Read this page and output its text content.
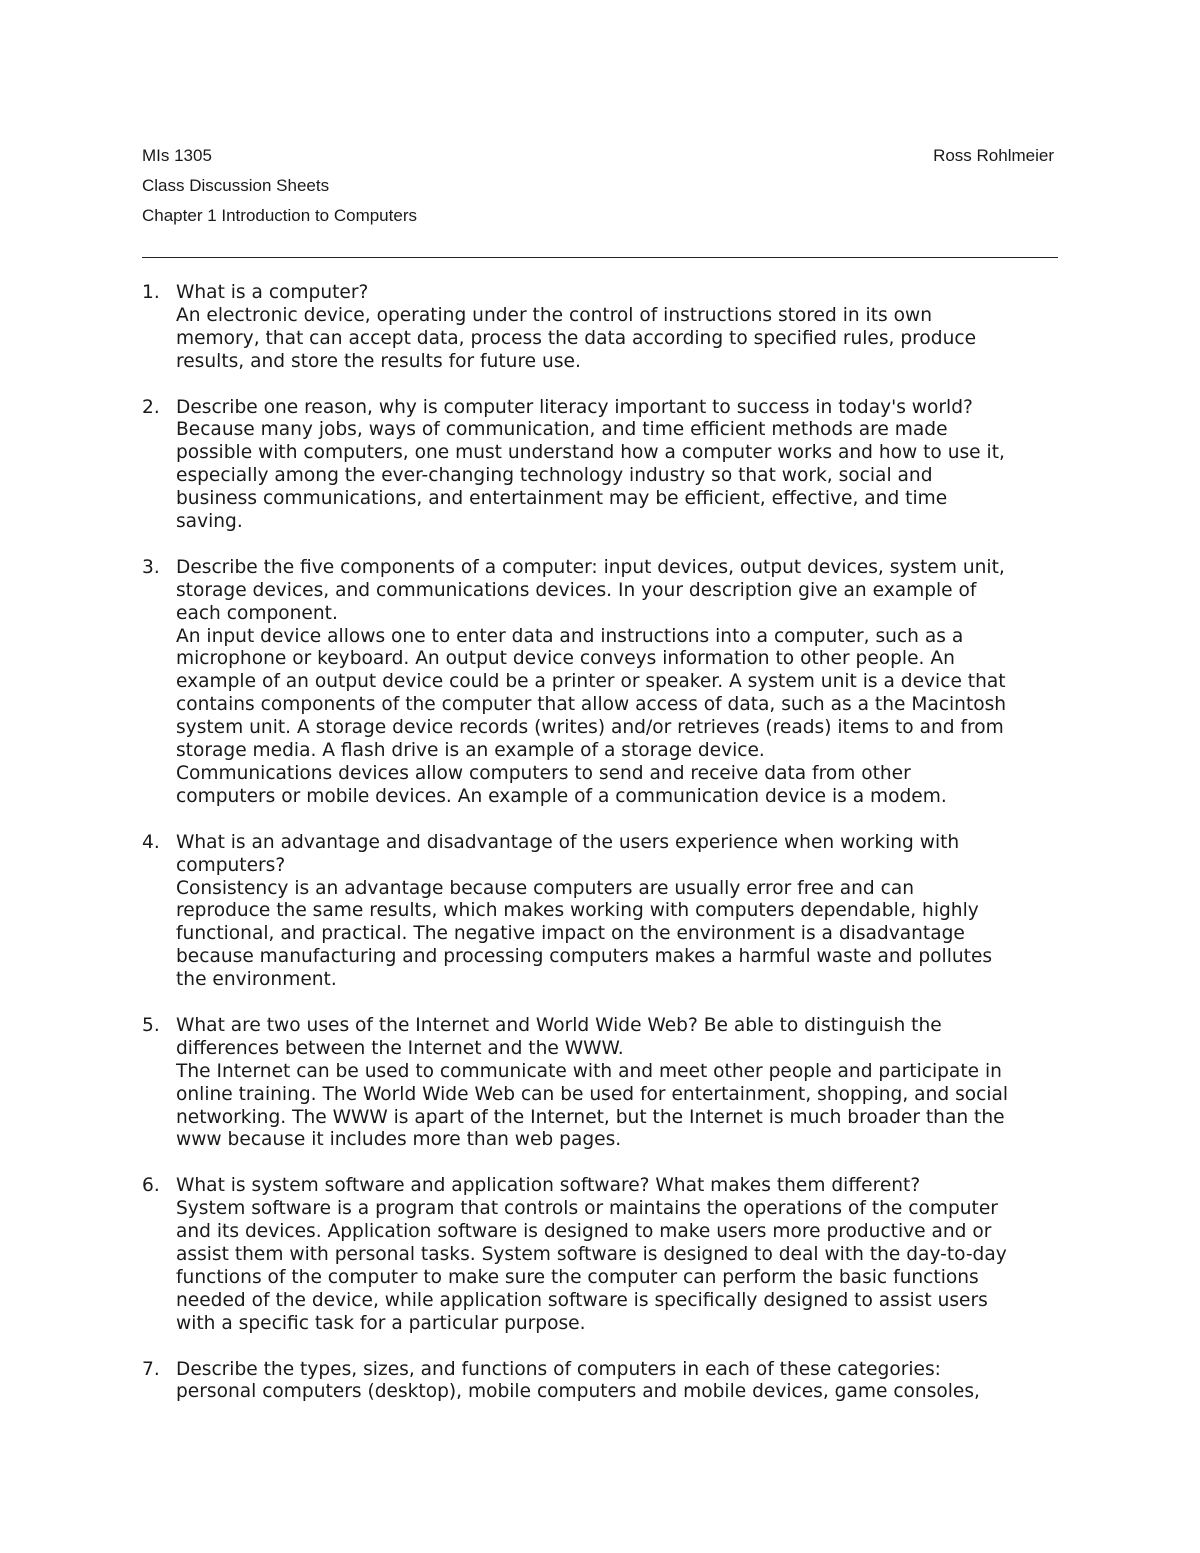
MIs 1305	Ross Rohlmeier
Class Discussion Sheets
Chapter 1 Introduction to Computers
1. What is a computer?
An electronic device, operating under the control of instructions stored in its own
memory, that can accept data, process the data according to specified rules, produce
results, and store the results for future use.
2. Describe one reason, why is computer literacy important to success in today's world?
Because many jobs, ways of communication, and time efficient methods are made
possible with computers, one must understand how a computer works and how to use it,
especially among the ever-changing technology industry so that work, social and
business communications, and entertainment may be efficient, effective, and time
saving.
3. Describe the five components of a computer: input devices, output devices, system unit,
storage devices, and communications devices. In your description give an example of
each component.
An input device allows one to enter data and instructions into a computer, such as a
microphone or keyboard. An output device conveys information to other people. An
example of an output device could be a printer or speaker. A system unit is a device that
contains components of the computer that allow access of data, such as a the Macintosh
system unit. A storage device records (writes) and/or retrieves (reads) items to and from
storage media. A flash drive is an example of a storage device.
Communications devices allow computers to send and receive data from other
computers or mobile devices. An example of a communication device is a modem.
4. What is an advantage and disadvantage of the users experience when working with
computers?
Consistency is an advantage because computers are usually error free and can
reproduce the same results, which makes working with computers dependable, highly
functional, and practical. The negative impact on the environment is a disadvantage
because manufacturing and processing computers makes a harmful waste and pollutes
the environment.
5. What are two uses of the Internet and World Wide Web? Be able to distinguish the
differences between the Internet and the WWW.
The Internet can be used to communicate with and meet other people and participate in
online training. The World Wide Web can be used for entertainment, shopping, and social
networking. The WWW is apart of the Internet, but the Internet is much broader than the
www because it includes more than web pages.
6. What is system software and application software? What makes them different?
System software is a program that controls or maintains the operations of the computer
and its devices. Application software is designed to make users more productive and or
assist them with personal tasks. System software is designed to deal with the day-to-day
functions of the computer to make sure the computer can perform the basic functions
needed of the device, while application software is specifically designed to assist users
with a specific task for a particular purpose.
7. Describe the types, sizes, and functions of computers in each of these categories:
personal computers (desktop), mobile computers and mobile devices, game consoles,
